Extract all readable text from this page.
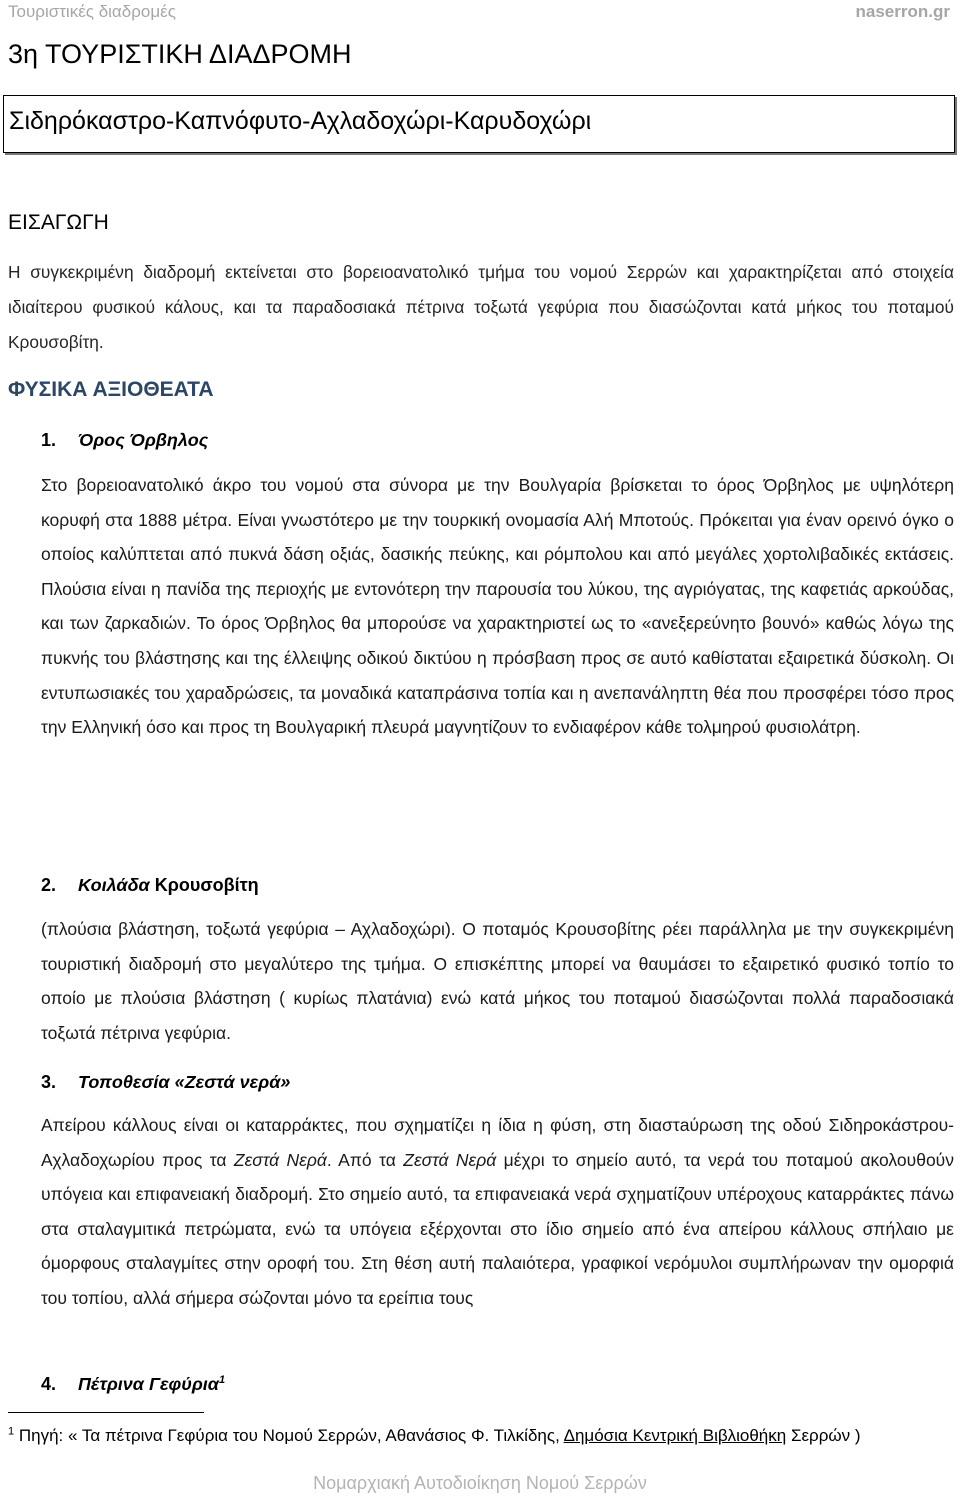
Τουριστικές διαδρομές	naserron.gr
3η ΤΟΥΡΙΣΤΙΚΗ ΔΙΑΔΡΟΜΗ
Σιδηρόκαστρο-Καπνόφυτο-Αχλαδοχώρι-Καρυδοχώρι
ΕΙΣΑΓΩΓΗ
Η συγκεκριμένη διαδρομή εκτείνεται στο βορειοανατολικό τμήμα του νομού Σερρών και χαρακτηρίζεται από στοιχεία ιδιαίτερου φυσικού κάλους, και τα παραδοσιακά πέτρινα τοξωτά γεφύρια που διασώζονται κατά μήκος του ποταμού Κρουσοβίτη.
ΦΥΣΙΚΑ ΑΞΙΟΘΕΑΤΑ
1. Όρος Όρβηλος
Στο βορειοανατολικό άκρο του νομού στα σύνορα με την Βουλγαρία βρίσκεται το όρος Όρβηλος με υψηλότερη κορυφή στα 1888 μέτρα. Είναι γνωστότερο με την τουρκική ονομασία Αλή Μποτούς. Πρόκειται για έναν ορεινό όγκο ο οποίος καλύπτεται από πυκνά δάση οξιάς, δασικής πεύκης, και ρόμπολου και από μεγάλες χορτολιβαδικές εκτάσεις. Πλούσια είναι η πανίδα της περιοχής με εντονότερη την παρουσία του λύκου, της αγριόγατας, της καφετιάς αρκούδας, και των ζαρκαδιών. Το όρος Όρβηλος θα μπορούσε να χαρακτηριστεί ως το «ανεξερεύνητο βουνό» καθώς λόγω της πυκνής του βλάστησης και της έλλειψης οδικού δικτύου η πρόσβαση προς σε αυτό καθίσταται εξαιρετικά δύσκολη. Οι εντυπωσιακές του χαραδρώσεις, τα μοναδικά καταπράσινα τοπία και η ανεπανάληπτη θέα που προσφέρει τόσο προς την Ελληνική όσο και προς τη Βουλγαρική πλευρά μαγνητίζουν το ενδιαφέρον κάθε τολμηρού φυσιολάτρη.
2. Κοιλάδα Κρουσοβίτη
(πλούσια βλάστηση, τοξωτά γεφύρια – Αχλαδοχώρι). Ο ποταμός Κρουσοβίτης ρέει παράλληλα με την συγκεκριμένη τουριστική διαδρομή στο μεγαλύτερο της τμήμα. Ο επισκέπτης μπορεί να θαυμάσει το εξαιρετικό φυσικό τοπίο το οποίο με πλούσια βλάστηση ( κυρίως πλατάνια) ενώ κατά μήκος του ποταμού διασώζονται πολλά παραδοσιακά τοξωτά πέτρινα γεφύρια.
3. Τοποθεσία «Ζεστά νερά»
Απείρου κάλλους είναι οι καταρράκτες, που σχηματίζει η ίδια η φύση, στη διαστaύρωση της οδού Σιδηροκάστρου- Αχλαδοχωρίου προς τα Ζεστά Νερά. Από τα Ζεστά Νερά μέχρι το σημείο αυτό, τα νερά του ποταμού ακολουθούν υπόγεια και επιφανειακή διαδρομή. Στο σημείο αυτό, τα επιφανειακά νερά σχηματίζουν υπέροχους καταρράκτες πάνω στα σταλαγμιτικά πετρώματα, ενώ τα υπόγεια εξέρχονται στο ίδιο σημείο από ένα απείρου κάλλους σπήλαιο με όμορφους σταλαγμίτες στην οροφή του. Στη θέση αυτή παλαιότερα, γραφικοί νερόμυλοι συμπλήρωναν την ομορφιά του τοπίου, αλλά σήμερα σώζονται μόνο τα ερείπια τους
4. Πέτρινα Γεφύρια$^1$
$^1$ Πηγή: « Τα πέτρινα Γεφύρια του Νομού Σερρών, Αθανάσιος Φ. Τιλκίδης, Δημόσια Κεντρική Βιβλιοθήκη Σερρών )
Νομαρχιακή Αυτοδιοίκηση Νομού Σερρών
